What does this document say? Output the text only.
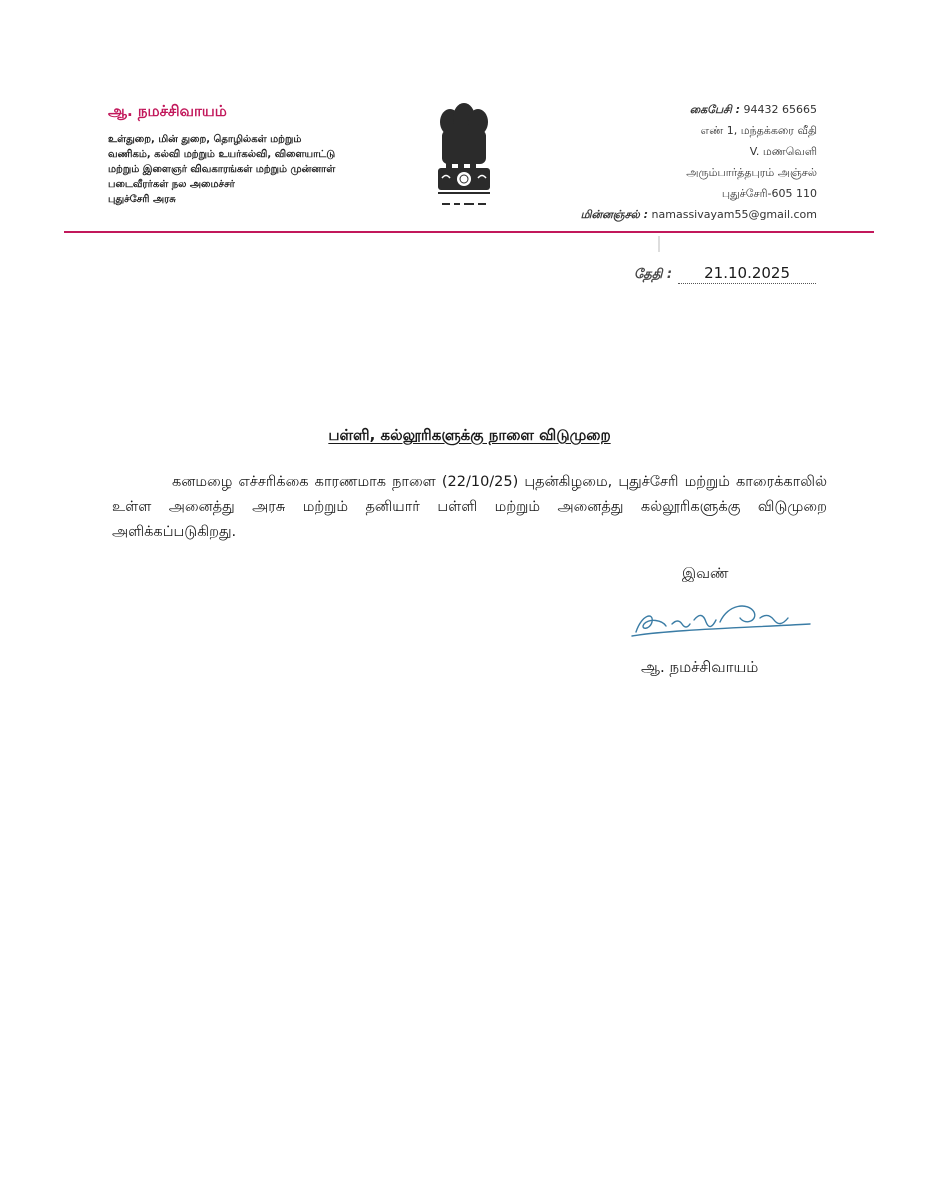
ஆ. நமச்சிவாயம்
உள்துறை, மின் துறை, தொழில்கள் மற்றும்
வணிகம், கல்வி மற்றும் உயர்கல்வி, விளையாட்டு
மற்றும் இளைஞர் விவகாரங்கள் மற்றும் முன்னாள்
படைவீரர்கள் நல அமைச்சர்
புதுச்சேரி அரசு
கைபேசி : 94432 65665
எண் 1, மந்தக்கரை வீதி
V. மணவெளி
அரும்பார்த்தபுரம் அஞ்சல்
புதுச்சேரி-605 110
மின்னஞ்சல் : namassivayam55@gmail.com
தேதி :	21.10.2025
பள்ளி, கல்லூரிகளுக்கு நாளை விடுமுறை

கனமழை எச்சரிக்கை காரணமாக நாளை (22/10/25) புதன்கிழமை, புதுச்சேரி மற்றும் காரைக்காலில் உள்ள அனைத்து அரசு மற்றும் தனியார் பள்ளி மற்றும் அனைத்து கல்லூரிகளுக்கு விடுமுறை அளிக்கப்படுகிறது.

இவண்
ஆ. நமச்சிவாயம்
